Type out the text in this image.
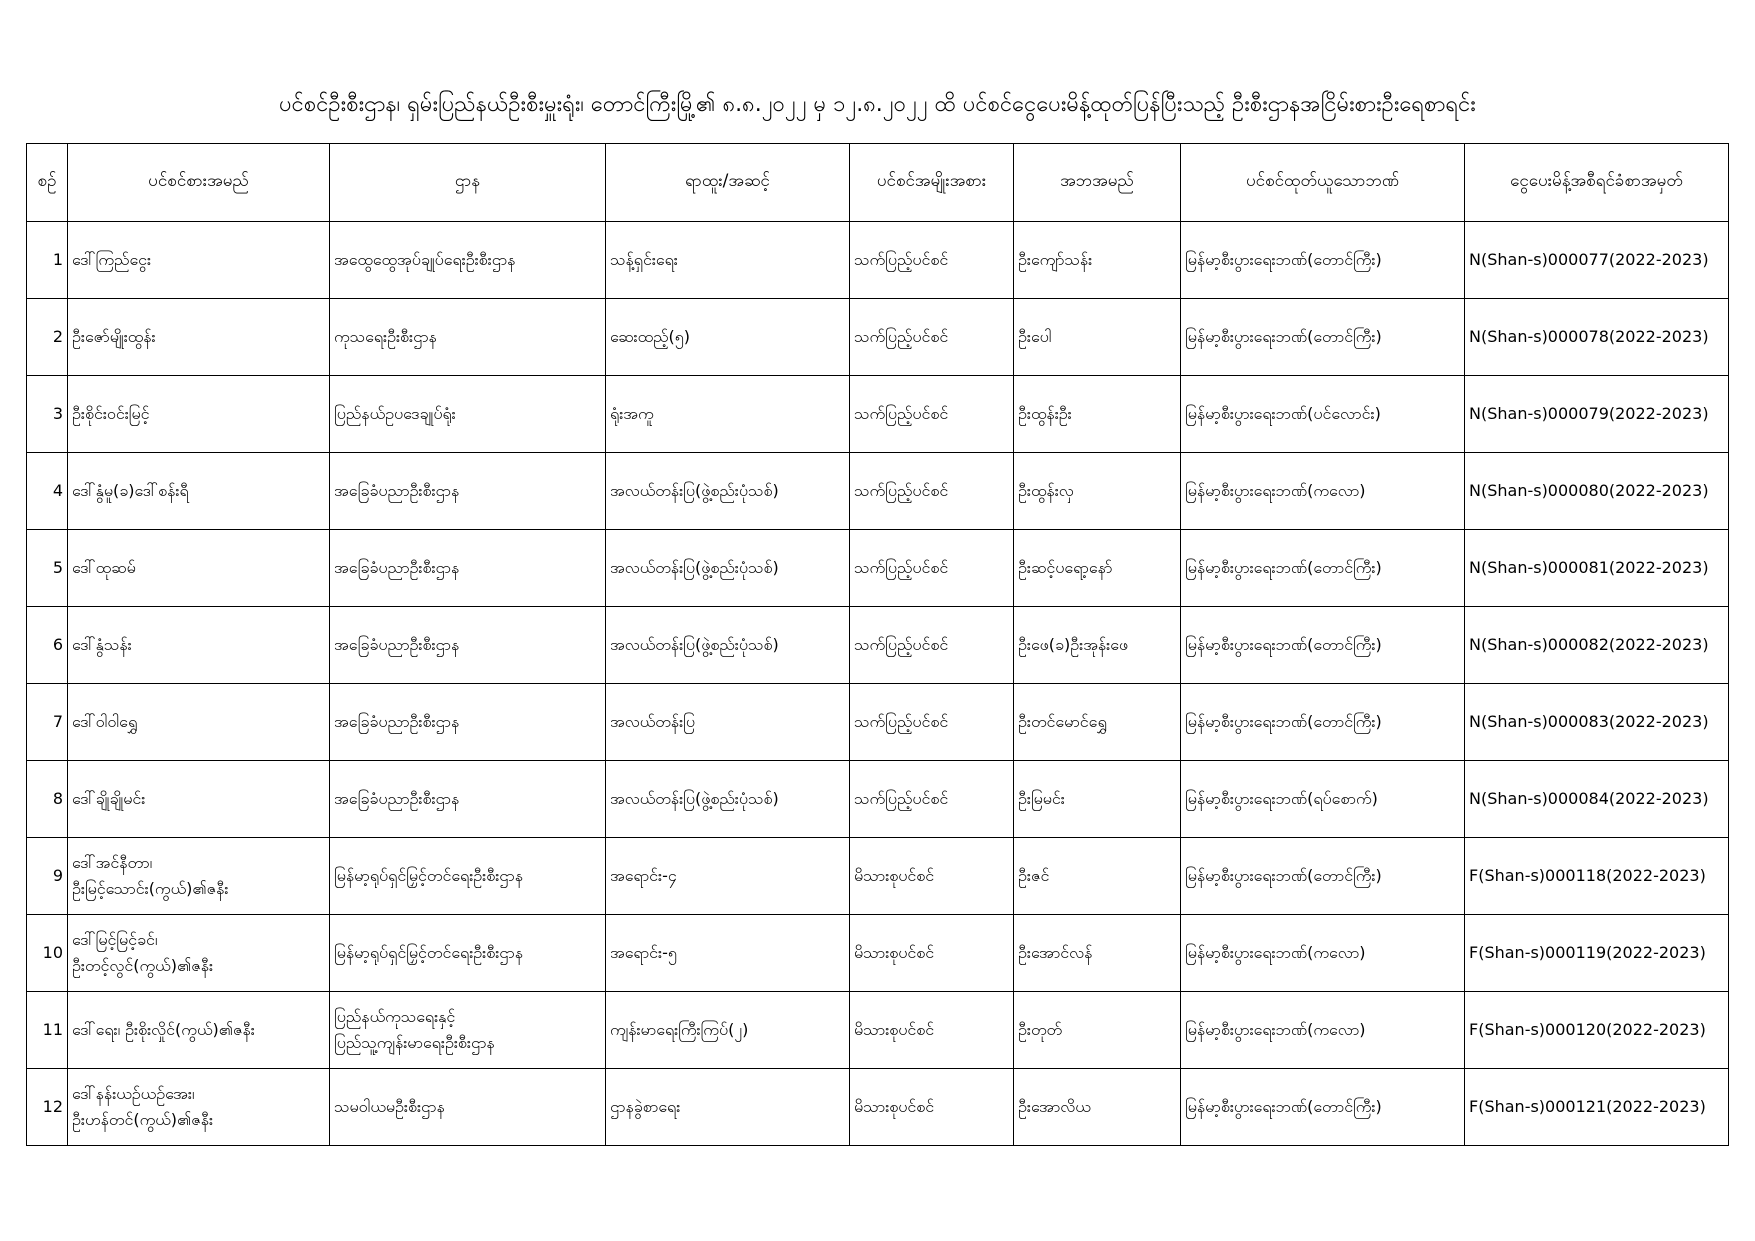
ပင်စင်ဦးစီးဌာန၊ ရှမ်းပြည်နယ်ဦးစီးမှူးရုံး၊ တောင်ကြီးမြို့၏ ၈.၈.၂၀၂၂ မှ ၁၂.၈.၂၀၂၂ ထိ ပင်စင်ငွေပေးမိန့်ထုတ်ပြန်ပြီးသည့် ဦးစီးဌာနအငြိမ်းစားဦးရေစာရင်း
စဉ်	ပင်စင်စားအမည်	ဌာန	ရာထူး/အဆင့်	ပင်စင်အမျိုးအစား	အဘအမည်	ပင်စင်ထုတ်ယူသောဘဏ်	ငွေပေးမိန့်အစီရင်ခံစာအမှတ်
1	ဒေါ်ကြည်ငွေး	အထွေထွေအုပ်ချုပ်ရေးဦးစီးဌာန	သန့်ရှင်းရေး	သက်ပြည့်ပင်စင်	ဦးကျော်သန်း	မြန်မာ့စီးပွားရေးဘဏ်(တောင်ကြီး)	N(Shan-s)000077(2022-2023)
2	ဦးဇော်မျိုးထွန်း	ကုသရေးဦးစီးဌာန	ဆေးထည့်(၅)	သက်ပြည့်ပင်စင်	ဦးပေါ	မြန်မာ့စီးပွားရေးဘဏ်(တောင်ကြီး)	N(Shan-s)000078(2022-2023)
3	ဦးစိုင်းဝင်းမြင့်	ပြည်နယ်ဥပဒေချုပ်ရုံး	ရုံးအကူ	သက်ပြည့်ပင်စင်	ဦးထွန်းဦး	မြန်မာ့စီးပွားရေးဘဏ်(ပင်လောင်း)	N(Shan-s)000079(2022-2023)
4	ဒေါ်နွံမူ(ခ)ဒေါ်စန်းရီ	အခြေခံပညာဦးစီးဌာန	အလယ်တန်းပြ(ဖွဲ့စည်းပုံသစ်)	သက်ပြည့်ပင်စင်	ဦးထွန်းလှ	မြန်မာ့စီးပွားရေးဘဏ်(ကလော)	N(Shan-s)000080(2022-2023)
5	ဒေါ်ထုဆမ်	အခြေခံပညာဦးစီးဌာန	အလယ်တန်းပြ(ဖွဲ့စည်းပုံသစ်)	သက်ပြည့်ပင်စင်	ဦးဆင့်ပရော့နော်	မြန်မာ့စီးပွားရေးဘဏ်(တောင်ကြီး)	N(Shan-s)000081(2022-2023)
6	ဒေါ်နွံသန်း	အခြေခံပညာဦးစီးဌာန	အလယ်တန်းပြ(ဖွဲ့စည်းပုံသစ်)	သက်ပြည့်ပင်စင်	ဦးဖေ(ခ)ဦးအုန်းဖေ	မြန်မာ့စီးပွားရေးဘဏ်(တောင်ကြီး)	N(Shan-s)000082(2022-2023)
7	ဒေါ်ဝါဝါရွှေ	အခြေခံပညာဦးစီးဌာန	အလယ်တန်းပြ	သက်ပြည့်ပင်စင်	ဦးတင်မောင်ရွှေ	မြန်မာ့စီးပွားရေးဘဏ်(တောင်ကြီး)	N(Shan-s)000083(2022-2023)
8	ဒေါ်ချိုချိုမင်း	အခြေခံပညာဦးစီးဌာန	အလယ်တန်းပြ(ဖွဲ့စည်းပုံသစ်)	သက်ပြည့်ပင်စင်	ဦးမြမင်း	မြန်မာ့စီးပွားရေးဘဏ်(ရပ်စောက်)	N(Shan-s)000084(2022-2023)
9	ဒေါ်အင်နီတာ၊
ဦးမြင့်သောင်း(ကွယ်)၏ဇနီး	မြန်မာ့ရုပ်ရှင်မြှင့်တင်ရေးဦးစီးဌာန	အရောင်း-၄	မိသားစုပင်စင်	ဦးဇင်	မြန်မာ့စီးပွားရေးဘဏ်(တောင်ကြီး)	F(Shan-s)000118(2022-2023)
10	ဒေါ်မြင့်မြင့်ခင်၊
ဦးတင့်လွင်(ကွယ်)၏ဇနီး	မြန်မာ့ရုပ်ရှင်မြှင့်တင်ရေးဦးစီးဌာန	အရောင်း-၅	မိသားစုပင်စင်	ဦးအောင်လန်	မြန်မာ့စီးပွားရေးဘဏ်(ကလော)	F(Shan-s)000119(2022-2023)
11	ဒေါ်ရေး၊ ဦးစိုးလှိုင်(ကွယ်)၏ဇနီး	ပြည်နယ်ကုသရေးနှင့်
ပြည်သူ့ကျန်းမာရေးဦးစီးဌာန	ကျန်းမာရေးကြီးကြပ်(၂)	မိသားစုပင်စင်	ဦးတုတ်	မြန်မာ့စီးပွားရေးဘဏ်(ကလော)	F(Shan-s)000120(2022-2023)
12	ဒေါ်နန်းယဉ်ယဉ်အေး၊
ဦးဟန်တင်(ကွယ်)၏ဇနီး	သမဝါယမဦးစီးဌာန	ဌာနခွဲစာရေး	မိသားစုပင်စင်	ဦးအောလိယ	မြန်မာ့စီးပွားရေးဘဏ်(တောင်ကြီး)	F(Shan-s)000121(2022-2023)
